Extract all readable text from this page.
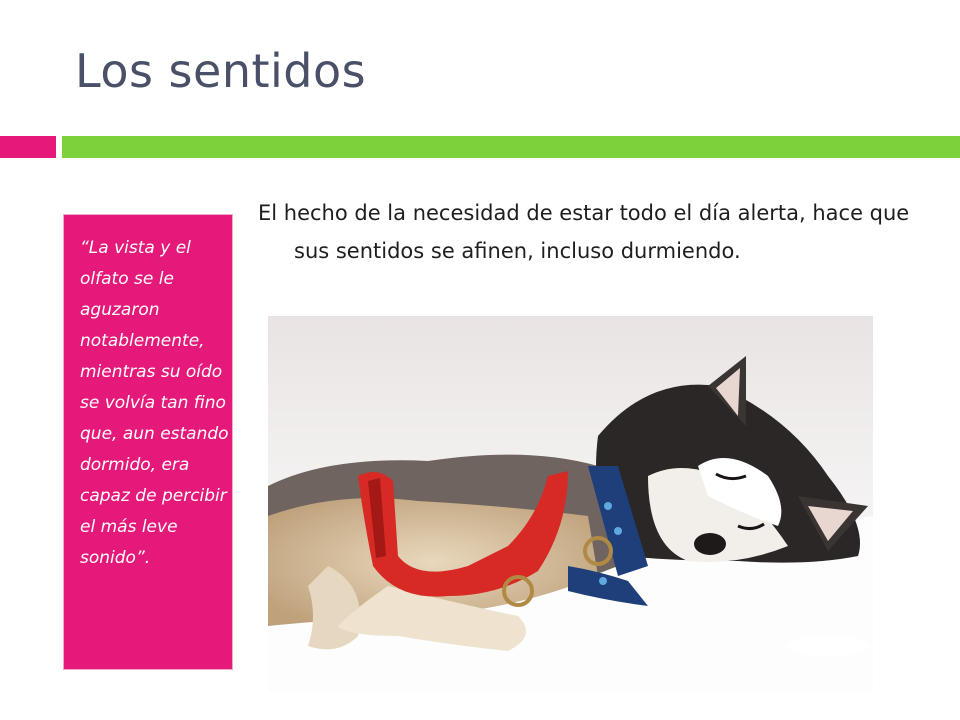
Los sentidos
“La vista y el olfato se le aguzaron notablemente, mientras su oído se volvía tan fino que, aun estando dormido, era capaz de percibir el más leve sonido”.
El hecho de la necesidad de estar todo el día alerta, hace que sus sentidos se afinen, incluso durmiendo.
